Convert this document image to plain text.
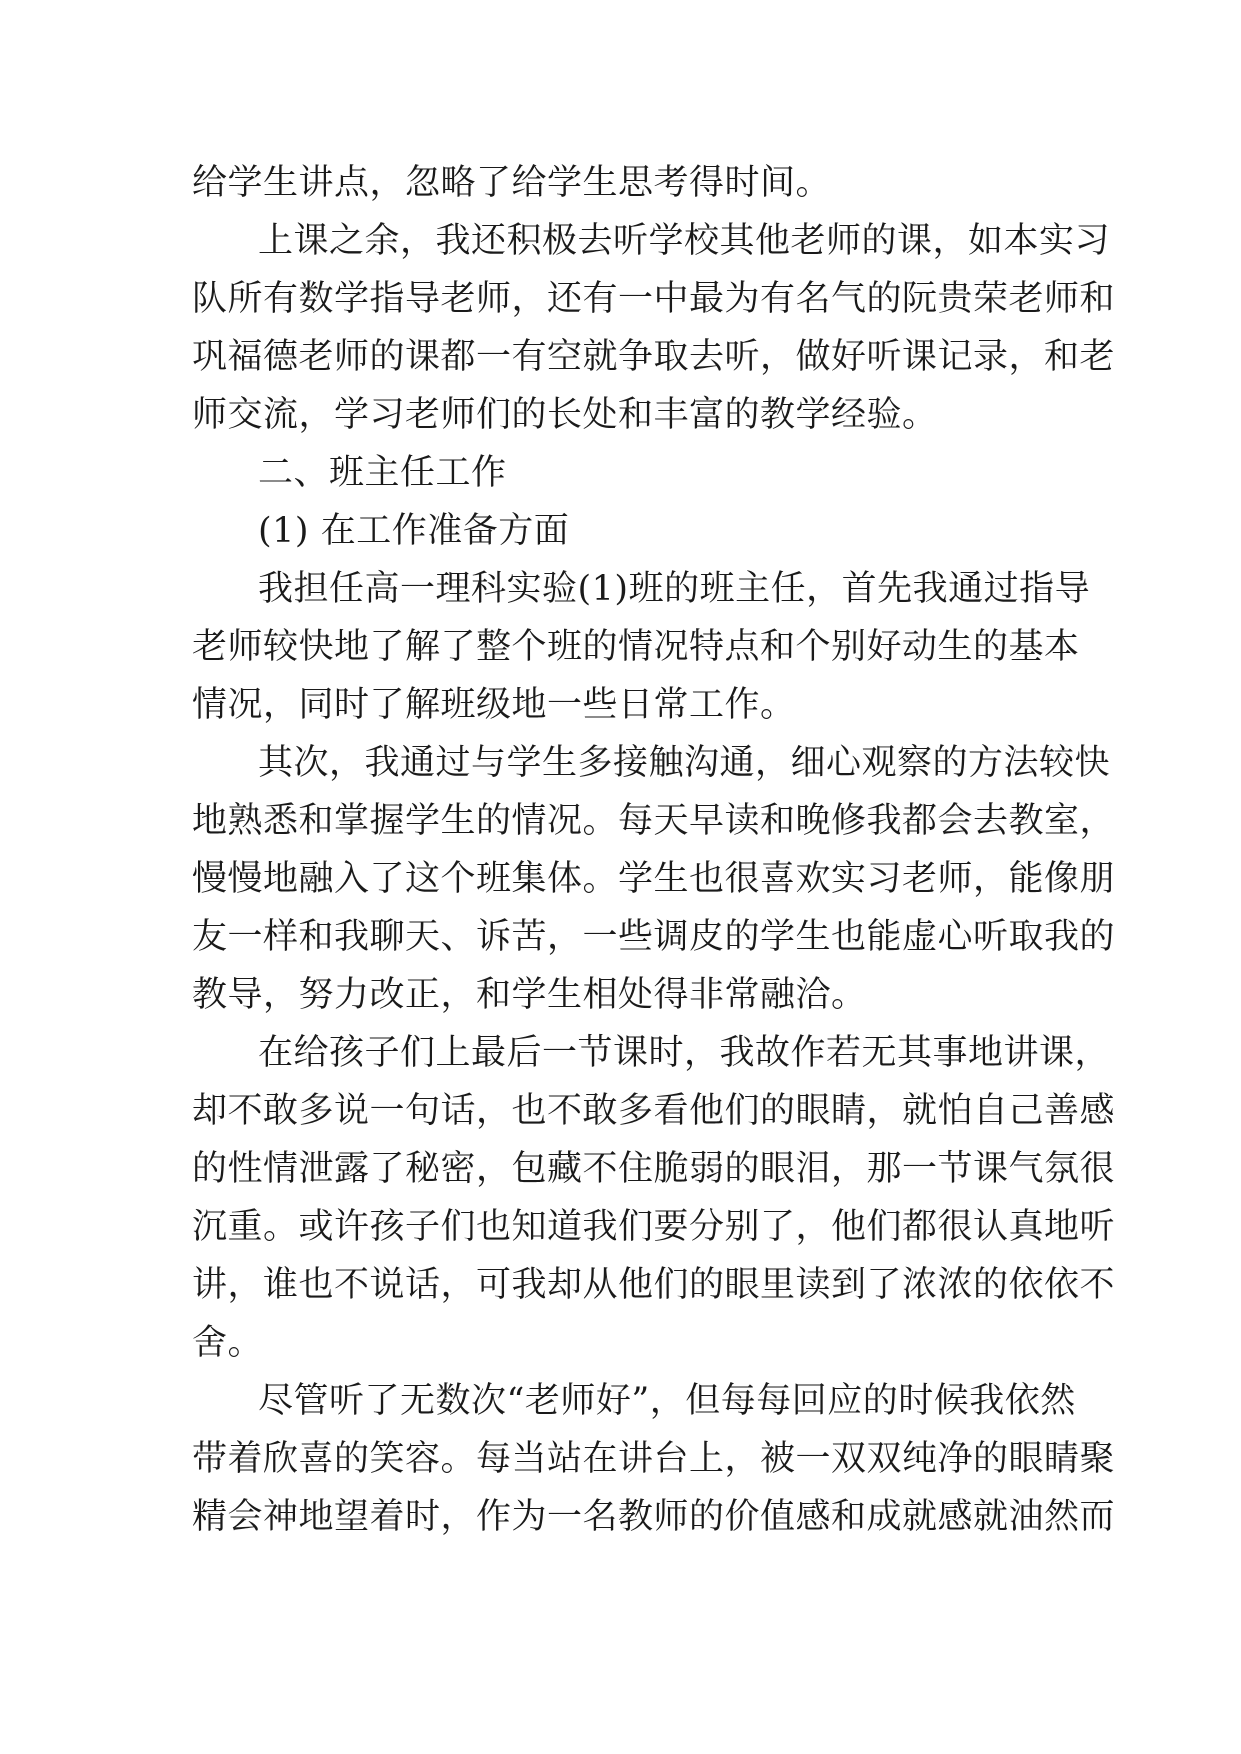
给学生讲点，忽略了给学生思考得时间。
上课之余，我还积极去听学校其他老师的课，如本实习
队所有数学指导老师，还有一中最为有名气的阮贵荣老师和
巩福德老师的课都一有空就争取去听，做好听课记录，和老
师交流，学习老师们的长处和丰富的教学经验。
二、班主任工作
(1) 在工作准备方面
我担任高一理科实验(1)班的班主任，首先我通过指导
老师较快地了解了整个班的情况特点和个别好动生的基本
情况，同时了解班级地一些日常工作。
其次，我通过与学生多接触沟通，细心观察的方法较快
地熟悉和掌握学生的情况。每天早读和晚修我都会去教室，
慢慢地融入了这个班集体。学生也很喜欢实习老师，能像朋
友一样和我聊天、诉苦，一些调皮的学生也能虚心听取我的
教导，努力改正，和学生相处得非常融洽。
在给孩子们上最后一节课时，我故作若无其事地讲课，
却不敢多说一句话，也不敢多看他们的眼睛，就怕自己善感
的性情泄露了秘密，包藏不住脆弱的眼泪，那一节课气氛很
沉重。或许孩子们也知道我们要分别了，他们都很认真地听
讲，谁也不说话，可我却从他们的眼里读到了浓浓的依依不
舍。
尽管听了无数次“老师好”，但每每回应的时候我依然
带着欣喜的笑容。每当站在讲台上，被一双双纯净的眼睛聚
精会神地望着时，作为一名教师的价值感和成就感就油然而
